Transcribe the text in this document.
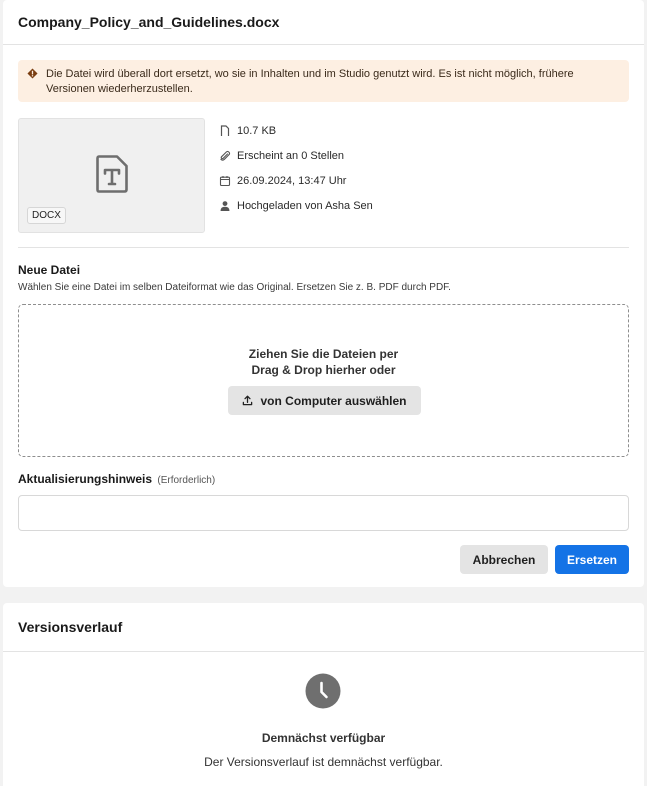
Company_Policy_and_Guidelines.docx
Die Datei wird überall dort ersetzt, wo sie in Inhalten und im Studio genutzt wird. Es ist nicht möglich, frühere Versionen wiederherzustellen.
DOCX
10.7 KB
Erscheint an 0 Stellen
26.09.2024, 13:47 Uhr
Hochgeladen von Asha Sen
Neue Datei
Wählen Sie eine Datei im selben Dateiformat wie das Original. Ersetzen Sie z. B. PDF durch PDF.
Ziehen Sie die Dateien per
Drag & Drop hierher oder
von Computer auswählen
Aktualisierungshinweis (Erforderlich)
Abbrechen	Ersetzen
Versionsverlauf
Demnächst verfügbar
Der Versionsverlauf ist demnächst verfügbar.
